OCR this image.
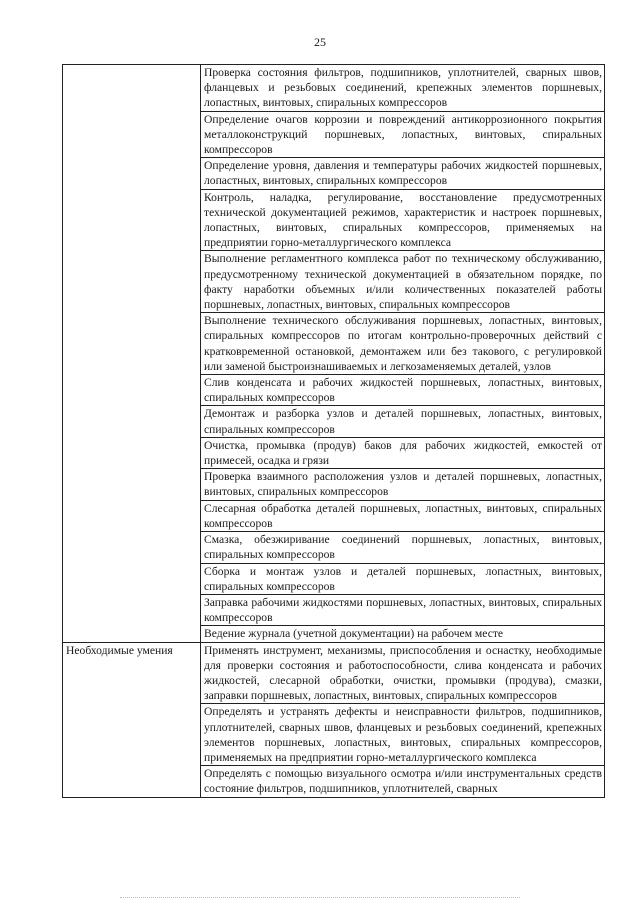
25
	Проверка состояния фильтров, подшипников, уплотнителей, сварных швов, фланцевых и резьбовых соединений, крепежных элементов поршневых, лопастных, винтовых, спиральных компрессоров
	Определение очагов коррозии и повреждений антикоррозионного покрытия металлоконструкций поршневых, лопастных, винтовых, спиральных компрессоров
	Определение уровня, давления и температуры рабочих жидкостей поршневых, лопастных, винтовых, спиральных компрессоров
	Контроль, наладка, регулирование, восстановление предусмотренных технической документацией режимов, характеристик и настроек поршневых, лопастных, винтовых, спиральных компрессоров, применяемых на предприятии горно-металлургического комплекса
	Выполнение регламентного комплекса работ по техническому обслуживанию, предусмотренному технической документацией в обязательном порядке, по факту наработки объемных и/или количественных показателей работы поршневых, лопастных, винтовых, спиральных компрессоров
	Выполнение технического обслуживания поршневых, лопастных, винтовых, спиральных компрессоров по итогам контрольно-проверочных действий с кратковременной остановкой, демонтажем или без такового, с регулировкой или заменой быстроизнашиваемых и легкозаменяемых деталей, узлов
	Слив конденсата и рабочих жидкостей поршневых, лопастных, винтовых, спиральных компрессоров
	Демонтаж и разборка узлов и деталей поршневых, лопастных, винтовых, спиральных компрессоров
	Очистка, промывка (продув) баков для рабочих жидкостей, емкостей от примесей, осадка и грязи
	Проверка взаимного расположения узлов и деталей поршневых, лопастных, винтовых, спиральных компрессоров
	Слесарная обработка деталей поршневых, лопастных, винтовых, спиральных компрессоров
	Смазка, обезжиривание соединений поршневых, лопастных, винтовых, спиральных компрессоров
	Сборка и монтаж узлов и деталей поршневых, лопастных, винтовых, спиральных компрессоров
	Заправка рабочими жидкостями поршневых, лопастных, винтовых, спиральных компрессоров
	Ведение журнала (учетной документации) на рабочем месте
Необходимые умения	Применять инструмент, механизмы, приспособления и оснастку, необходимые для проверки состояния и работоспособности, слива конденсата и рабочих жидкостей, слесарной обработки, очистки, промывки (продува), смазки, заправки поршневых, лопастных, винтовых, спиральных компрессоров
	Определять и устранять дефекты и неисправности фильтров, подшипников, уплотнителей, сварных швов, фланцевых и резьбовых соединений, крепежных элементов поршневых, лопастных, винтовых, спиральных компрессоров, применяемых на предприятии горно-металлургического комплекса
	Определять с помощью визуального осмотра и/или инструментальных средств состояние фильтров, подшипников, уплотнителей, сварных
